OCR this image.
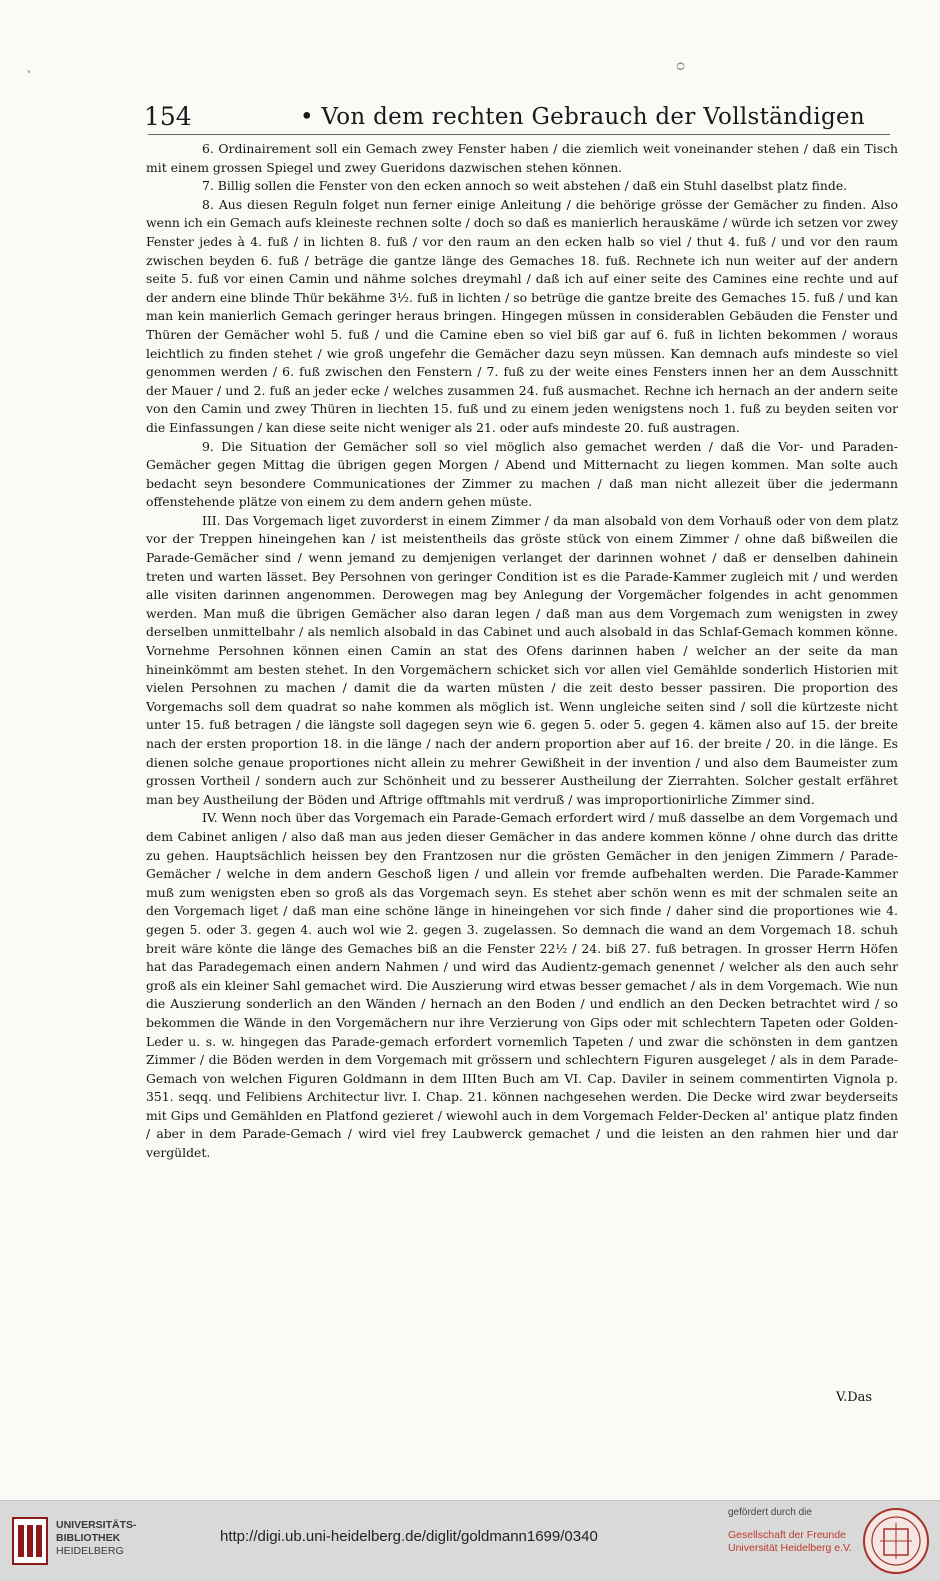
ㆍ	ᴑ
154	• Von dem rechten Gebrauch der Vollständigen

6. Ordinairement soll ein Gemach zwey Fenster haben / die ziemlich weit voneinander stehen / daß ein Tisch mit einem grossen Spiegel und zwey Gueridons dazwischen stehen können.

7. Billig sollen die Fenster von den ecken annoch so weit abstehen / daß ein Stuhl daselbst platz finde.

8. Aus diesen Reguln folget nun ferner einige Anleitung / die behörige grösse der Gemächer zu finden. Also wenn ich ein Gemach aufs kleineste rechnen solte / doch so daß es manierlich herauskäme / würde ich setzen vor zwey Fenster jedes à 4. fuß / in lichten 8. fuß / vor den raum an den ecken halb so viel / thut 4. fuß / und vor den raum zwischen beyden 6. fuß / beträge die gantze länge des Gemaches 18. fuß. Rechnete ich nun weiter auf der andern seite 5. fuß vor einen Camin und nähme solches dreymahl / daß ich auf einer seite des Camines eine rechte und auf der andern eine blinde Thür bekähme 3½. fuß in lichten / so betrüge die gantze breite des Gemaches 15. fuß / und kan man kein manierlich Gemach geringer heraus bringen. Hingegen müssen in considerablen Gebäuden die Fenster und Thüren der Gemächer wohl 5. fuß / und die Camine eben so viel biß gar auf 6. fuß in lichten bekommen / woraus leichtlich zu finden stehet / wie groß ungefehr die Gemächer dazu seyn müssen. Kan demnach aufs mindeste so viel genommen werden / 6. fuß zwischen den Fenstern / 7. fuß zu der weite eines Fensters innen her an dem Ausschnitt der Mauer / und 2. fuß an jeder ecke / welches zusammen 24. fuß ausmachet. Rechne ich hernach an der andern seite von den Camin und zwey Thüren in liechten 15. fuß und zu einem jeden wenigstens noch 1. fuß zu beyden seiten vor die Einfassungen / kan diese seite nicht weniger als 21. oder aufs mindeste 20. fuß austragen.

9. Die Situation der Gemächer soll so viel möglich also gemachet werden / daß die Vor- und Paraden-Gemächer gegen Mittag die übrigen gegen Morgen / Abend und Mitternacht zu liegen kommen. Man solte auch bedacht seyn besondere Communicationes der Zimmer zu machen / daß man nicht allezeit über die jedermann offenstehende plätze von einem zu dem andern gehen müste.

III. Das Vorgemach liget zuvorderst in einem Zimmer / da man alsobald von dem Vorhauß oder von dem platz vor der Treppen hineingehen kan / ist meistentheils das gröste stück von einem Zimmer / ohne daß bißweilen die Parade-Gemächer sind / wenn jemand zu demjenigen verlanget der darinnen wohnet / daß er denselben dahinein treten und warten lässet. Bey Persohnen von geringer Condition ist es die Parade-Kammer zugleich mit / und werden alle visiten darinnen angenommen. Derowegen mag bey Anlegung der Vorgemächer folgendes in acht genommen werden. Man muß die übrigen Gemächer also daran legen / daß man aus dem Vorgemach zum wenigsten in zwey derselben unmittelbahr / als nemlich alsobald in das Cabinet und auch alsobald in das Schlaf-Gemach kommen könne. Vornehme Persohnen können einen Camin an stat des Ofens darinnen haben / welcher an der seite da man hineinkömmt am besten stehet. In den Vorgemächern schicket sich vor allen viel Gemählde sonderlich Historien mit vielen Persohnen zu machen / damit die da warten müsten / die zeit desto besser passiren. Die proportion des Vorgemachs soll dem quadrat so nahe kommen als möglich ist. Wenn ungleiche seiten sind / soll die kürtzeste nicht unter 15. fuß betragen / die längste soll dagegen seyn wie 6. gegen 5. oder 5. gegen 4. kämen also auf 15. der breite nach der ersten proportion 18. in die länge / nach der andern proportion aber auf 16. der breite / 20. in die länge. Es dienen solche genaue proportiones nicht allein zu mehrer Gewißheit in der invention / und also dem Baumeister zum grossen Vortheil / sondern auch zur Schönheit und zu besserer Austheilung der Zierrahten. Solcher gestalt erfähret man bey Austheilung der Böden und Aftrige offtmahls mit verdruß / was improportionirliche Zimmer sind.

IV. Wenn noch über das Vorgemach ein Parade-Gemach erfordert wird / muß dasselbe an dem Vorgemach und dem Cabinet anligen / also daß man aus jeden dieser Gemächer in das andere kommen könne / ohne durch das dritte zu gehen. Hauptsächlich heissen bey den Frantzosen nur die grösten Gemächer in den jenigen Zimmern / Parade-Gemächer / welche in dem andern Geschoß ligen / und allein vor fremde aufbehalten werden. Die Parade-Kammer muß zum wenigsten eben so groß als das Vorgemach seyn. Es stehet aber schön wenn es mit der schmalen seite an den Vorgemach liget / daß man eine schöne länge in hineingehen vor sich finde / daher sind die proportiones wie 4. gegen 5. oder 3. gegen 4. auch wol wie 2. gegen 3. zugelassen. So demnach die wand an dem Vorgemach 18. schuh breit wäre könte die länge des Gemaches biß an die Fenster 22½ / 24. biß 27. fuß betragen. In grosser Herrn Höfen hat das Paradegemach einen andern Nahmen / und wird das Audientz-gemach genennet / welcher als den auch sehr groß als ein kleiner Sahl gemachet wird. Die Auszierung wird etwas besser gemachet / als in dem Vorgemach. Wie nun die Auszierung sonderlich an den Wänden / hernach an den Boden / und endlich an den Decken betrachtet wird / so bekommen die Wände in den Vorgemächern nur ihre Verzierung von Gips oder mit schlechtern Tapeten oder Golden-Leder u. s. w. hingegen das Parade-gemach erfordert vornemlich Tapeten / und zwar die schönsten in dem gantzen Zimmer / die Böden werden in dem Vorgemach mit grössern und schlechtern Figuren ausgeleget / als in dem Parade-Gemach von welchen Figuren Goldmann in dem IIIten Buch am VI. Cap. Daviler in seinem commentirten Vignola p. 351. seqq. und Felibiens Architectur livr. I. Chap. 21. können nachgesehen werden. Die Decke wird zwar beyderseits mit Gips und Gemählden en Platfond gezieret / wiewohl auch in dem Vorgemach Felder-Decken al' antique platz finden / aber in dem Parade-Gemach / wird viel frey Laubwerck gemachet / und die leisten an den rahmen hier und dar vergüldet.

V.Das
UNIVERSITÄTS-
BIBLIOTHEK
HEIDELBERG
http://digi.ub.uni-heidelberg.de/diglit/goldmann1699/0340
gefördert durch die
Gesellschaft der Freunde
Universität Heidelberg e.V.
